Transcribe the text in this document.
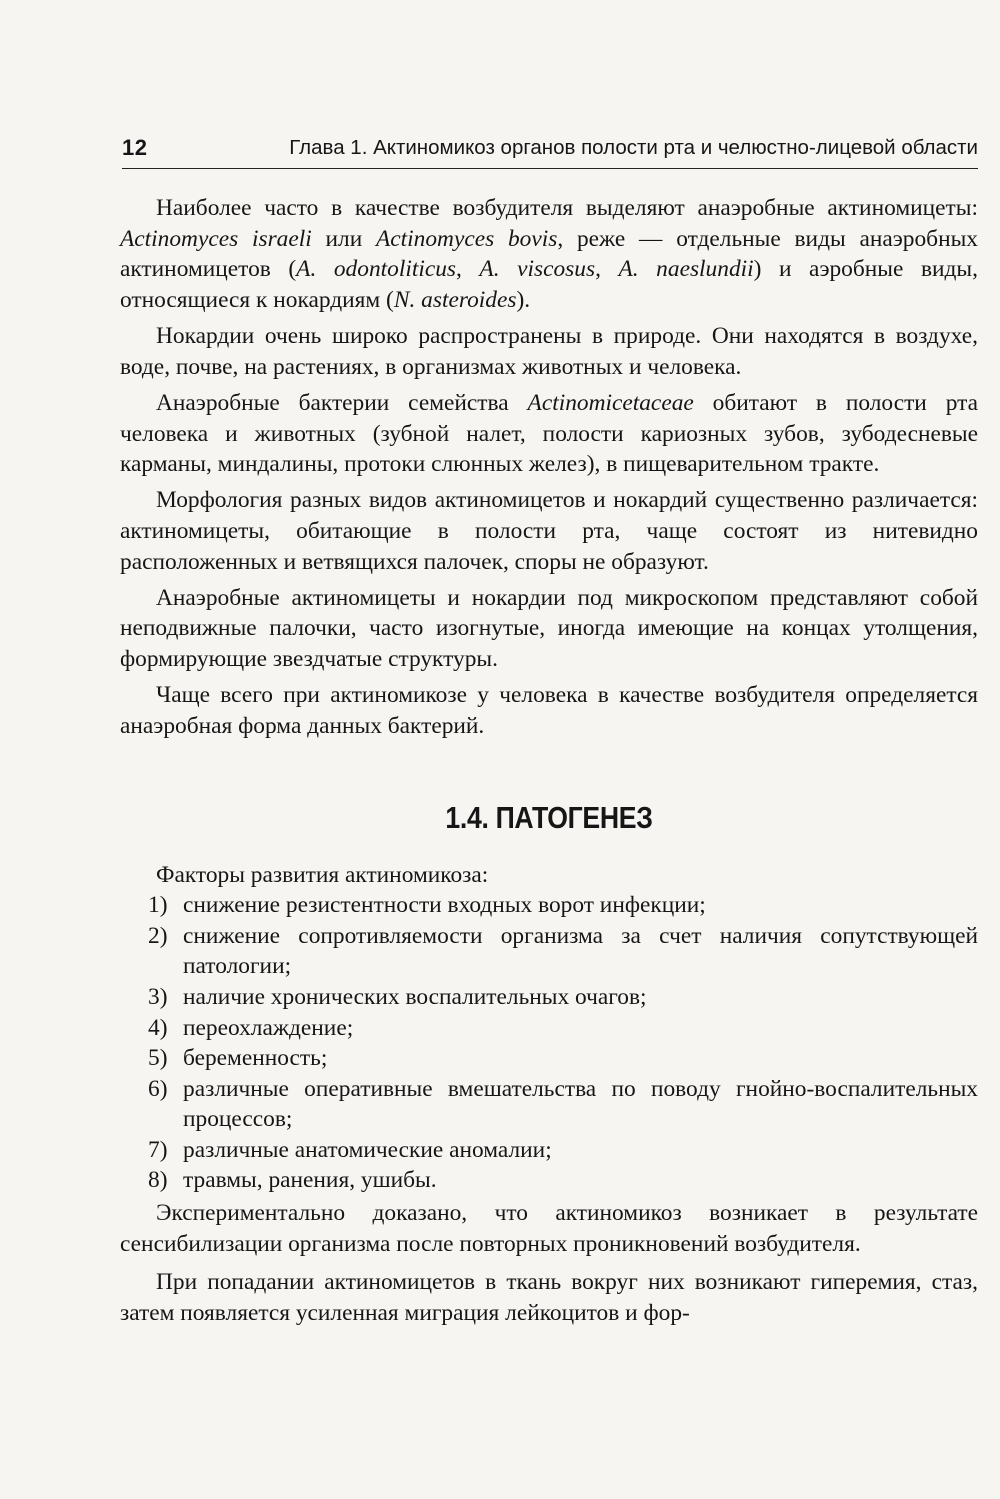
12	Глава 1. Актиномикоз органов полости рта и челюстно-лицевой области

Наиболее часто в качестве возбудителя выделяют анаэробные актиномицеты: Actinomyces israeli или Actinomyces bovis, реже — отдельные виды анаэробных актиномицетов (A. odontoliticus, A. viscosus, A. naeslundii) и аэробные виды, относящиеся к нокардиям (N. asteroides).

Нокардии очень широко распространены в природе. Они находятся в воздухе, воде, почве, на растениях, в организмах животных и человека.

Анаэробные бактерии семейства Actinomicetaceae обитают в полости рта человека и животных (зубной налет, полости кариозных зубов, зубодесневые карманы, миндалины, протоки слюнных желез), в пищеварительном тракте.

Морфология разных видов актиномицетов и нокардий существенно различается: актиномицеты, обитающие в полости рта, чаще состоят из нитевидно расположенных и ветвящихся палочек, споры не образуют.

Анаэробные актиномицеты и нокардии под микроскопом представляют собой неподвижные палочки, часто изогнутые, иногда имеющие на концах утолщения, формирующие звездчатые структуры.

Чаще всего при актиномикозе у человека в качестве возбудителя определяется анаэробная форма данных бактерий.

1.4. ПАТОГЕНЕЗ

Факторы развития актиномикоза:

1) снижение резистентности входных ворот инфекции;
2) снижение сопротивляемости организма за счет наличия сопутствующей патологии;
3) наличие хронических воспалительных очагов;
4) переохлаждение;
5) беременность;
6) различные оперативные вмешательства по поводу гнойно-воспалительных процессов;
7) различные анатомические аномалии;
8) травмы, ранения, ушибы.

Экспериментально доказано, что актиномикоз возникает в результате сенсибилизации организма после повторных проникновений возбудителя.

При попадании актиномицетов в ткань вокруг них возникают гиперемия, стаз, затем появляется усиленная миграция лейкоцитов и фор-
